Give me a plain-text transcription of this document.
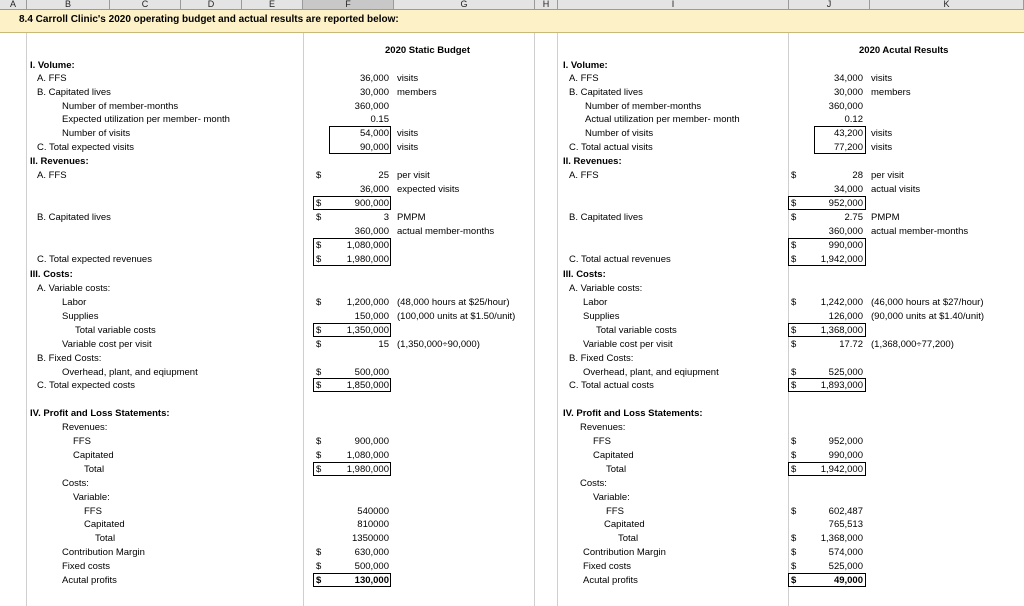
A	B	C	D	E	F	G	H	I	J	K
8.4 Carroll Clinic's 2020 operating budget and actual results are reported below:
2020 Static Budget	2020 Acutal Results
I. Volume:
A. FFS	36,000 visits
B. Capitated lives	30,000 members
Number of member-months	360,000
Expected utilization per member- month	0.15
Number of visits	54,000 visits
C. Total expected visits	90,000 visits
II. Revenues:
A. FFS	$	25 per visit
36,000 expected visits
$	900,000
B. Capitated lives	$	3 PMPM
360,000 actual member-months
$	1,080,000
C. Total expected revenues	$	1,980,000
III. Costs:
A. Variable costs:
Labor	$	1,200,000 (48,000 hours at $25/hour)
Supplies	150,000 (100,000 units at $1.50/unit)
Total variable costs	$	1,350,000
Variable cost per visit	$	15 (1,350,000÷90,000)
B. Fixed Costs:
Overhead, plant, and eqiupment	$	500,000
C. Total expected costs	$	1,850,000
IV. Profit and Loss Statements:
Revenues:
FFS	$	900,000
Capitated	$	1,080,000
Total	$	1,980,000
Costs:
Variable:
FFS	540000
Capitated	810000
Total	1350000
Contribution Margin	$	630,000
Fixed costs	$	500,000
Acutal profits	$	130,000
I. Volume:
A. FFS	34,000 visits
B. Capitated lives	30,000 members
Number of member-months	360,000
Actual utilization per member- month	0.12
Number of visits	43,200 visits
C. Total actual visits	77,200 visits
II. Revenues:
A. FFS	$	28 per visit
34,000 actual visits
$	952,000
B. Capitated lives	$	2.75 PMPM
360,000 actual member-months
$	990,000
C. Total actual revenues	$	1,942,000
III. Costs:
A. Variable costs:
Labor	$	1,242,000 (46,000 hours at $27/hour)
Supplies	126,000 (90,000 units at $1.40/unit)
Total variable costs	$	1,368,000
Variable cost per visit	$	17.72 (1,368,000÷77,200)
B. Fixed Costs:
Overhead, plant, and eqiupment	$	525,000
C. Total actual costs	$	1,893,000
IV. Profit and Loss Statements:
Revenues:
FFS	$	952,000
Capitated	$	990,000
Total	$	1,942,000
Costs:
Variable:
FFS	$	602,487
Capitated	765,513
Total	$	1,368,000
Contribution Margin	$	574,000
Fixed costs	$	525,000
Acutal profits	$	49,000
